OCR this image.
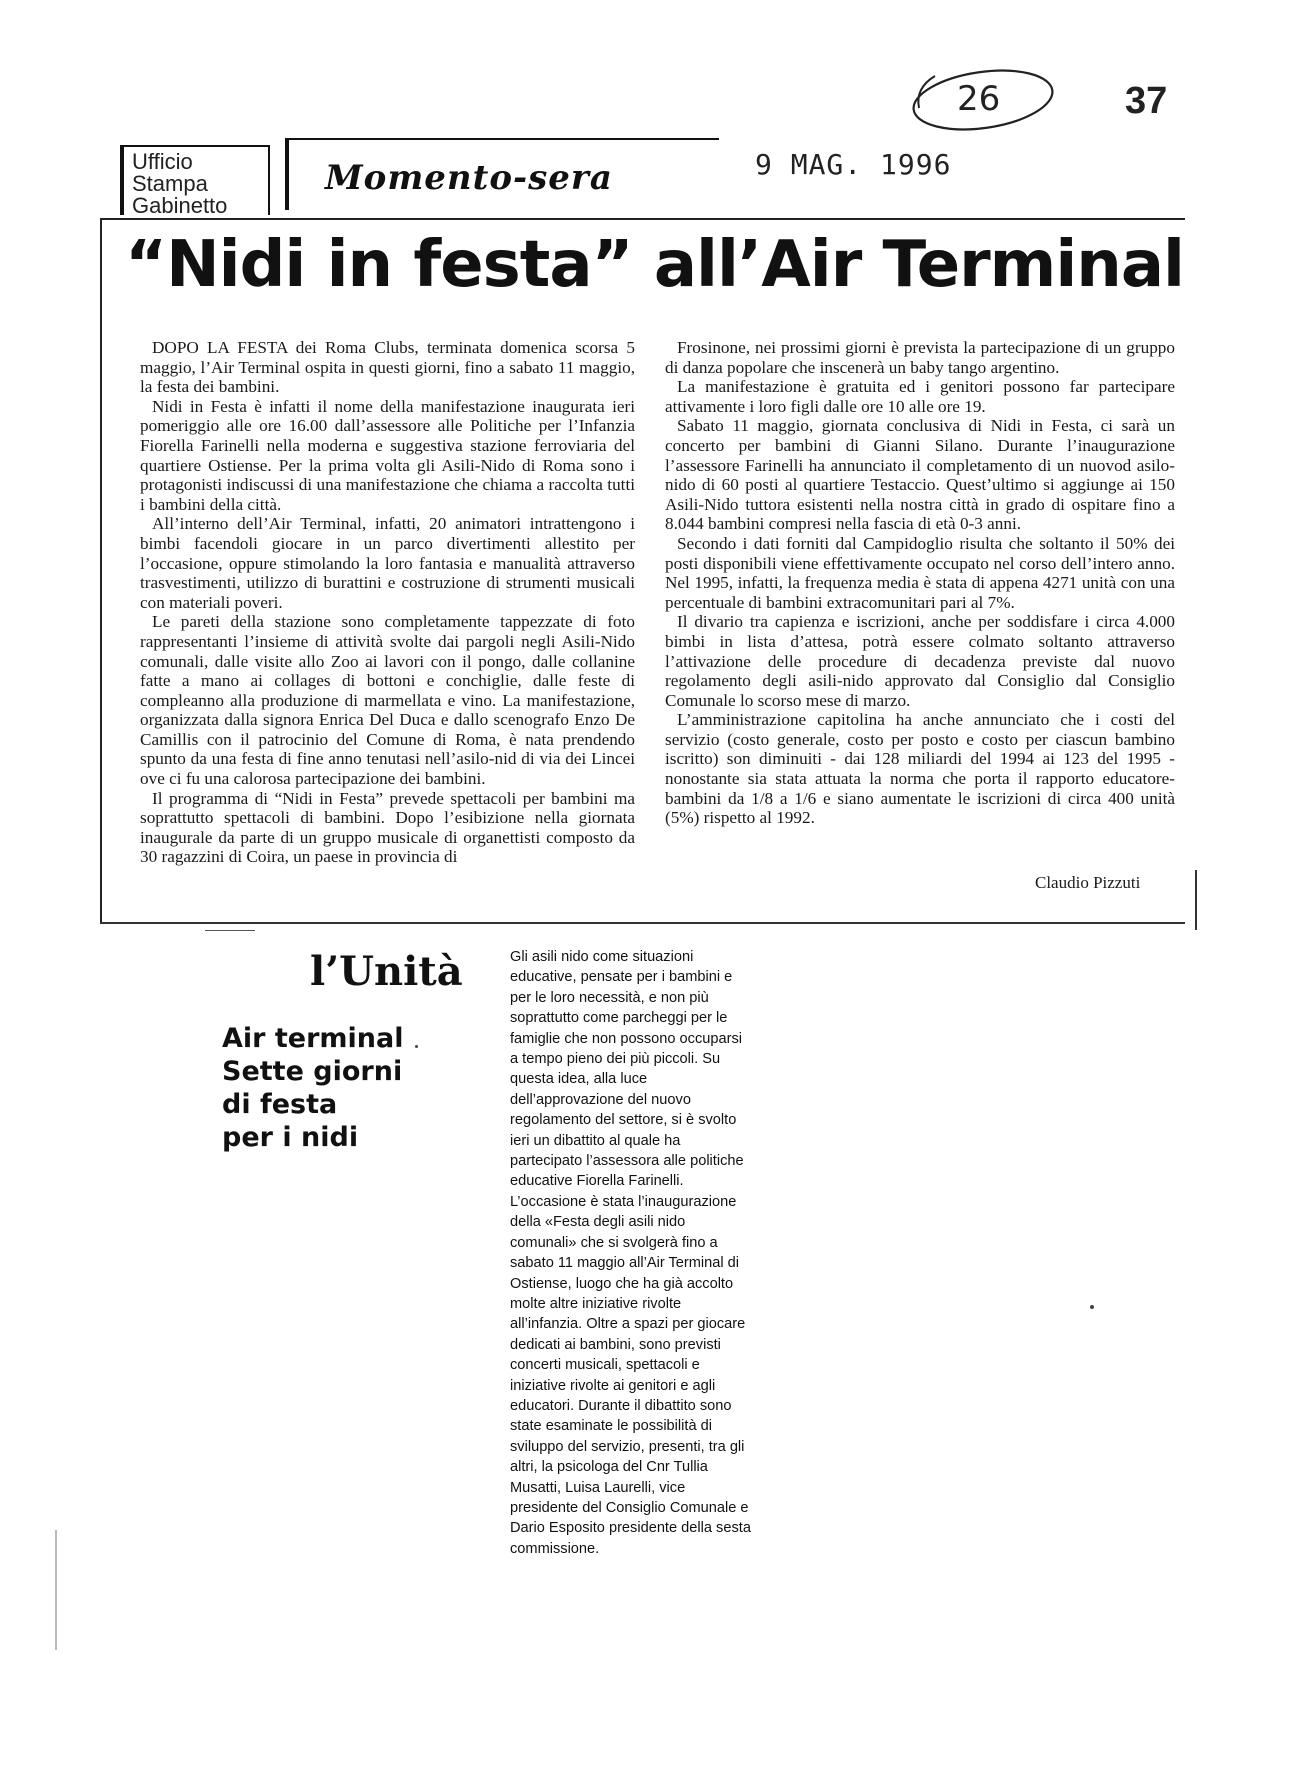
Ufficio
Stampa
Gabinetto
Momento-sera	9 MAG. 1996
26	37
“Nidi in festa” all’Air Terminal

DOPO LA FESTA dei Roma Clubs, terminata domenica scorsa 5 maggio, l’Air Terminal ospita in questi giorni, fino a sabato 11 maggio, la festa dei bambini.

Nidi in Festa è infatti il nome della manifestazione inaugurata ieri pomeriggio alle ore 16.00 dall’assessore alle Politiche per l’Infanzia Fiorella Farinelli nella moderna e suggestiva stazione ferroviaria del quartiere Ostiense. Per la prima volta gli Asili-Nido di Roma sono i protagonisti indiscussi di una manifestazione che chiama a raccolta tutti i bambini della città.

All’interno dell’Air Terminal, infatti, 20 animatori intrattengono i bimbi facendoli giocare in un parco divertimenti allestito per l’occasione, oppure stimolando la loro fantasia e manualità attraverso trasvestimenti, utilizzo di burattini e costruzione di strumenti musicali con materiali poveri.

Le pareti della stazione sono completamente tappezzate di foto rappresentanti l’insieme di attività svolte dai pargoli negli Asili-Nido comunali, dalle visite allo Zoo ai lavori con il pongo, dalle collanine fatte a mano ai collages di bottoni e conchiglie, dalle feste di compleanno alla produzione di marmellata e vino. La manifestazione, organizzata dalla signora Enrica Del Duca e dallo scenografo Enzo De Camillis con il patrocinio del Comune di Roma, è nata prendendo spunto da una festa di fine anno tenutasi nell’asilo-nid di via dei Lincei ove ci fu una calorosa partecipazione dei bambini.

Il programma di “Nidi in Festa” prevede spettacoli per bambini ma soprattutto spettacoli di bambini. Dopo l’esibizione nella giornata inaugurale da parte di un gruppo musicale di organettisti composto da 30 ragazzini di Coira, un paese in provincia di

Frosinone, nei prossimi giorni è prevista la partecipazione di un gruppo di danza popolare che inscenerà un baby tango argentino.

La manifestazione è gratuita ed i genitori possono far partecipare attivamente i loro figli dalle ore 10 alle ore 19.

Sabato 11 maggio, giornata conclusiva di Nidi in Festa, ci sarà un concerto per bambini di Gianni Silano. Durante l’inaugurazione l’assessore Farinelli ha annunciato il completamento di un nuovod asilo-nido di 60 posti al quartiere Testaccio. Quest’ultimo si aggiunge ai 150 Asili-Nido tuttora esistenti nella nostra città in grado di ospitare fino a 8.044 bambini compresi nella fascia di età 0-3 anni.

Secondo i dati forniti dal Campidoglio risulta che soltanto il 50% dei posti disponibili viene effettivamente occupato nel corso dell’intero anno. Nel 1995, infatti, la frequenza media è stata di appena 4271 unità con una percentuale di bambini extracomunitari pari al 7%.

Il divario tra capienza e iscrizioni, anche per soddisfare i circa 4.000 bimbi in lista d’attesa, potrà essere colmato soltanto attraverso l’attivazione delle procedure di decadenza previste dal nuovo regolamento degli asili-nido approvato dal Consiglio dal Consiglio Comunale lo scorso mese di marzo.

L’amministrazione capitolina ha anche annunciato che i costi del servizio (costo generale, costo per posto e costo per ciascun bambino iscritto) son diminuiti - dai 128 miliardi del 1994 ai 123 del 1995 - nonostante sia stata attuata la norma che porta il rapporto educatore-bambini da 1/8 a 1/6 e siano aumentate le iscrizioni di circa 400 unità (5%) rispetto al 1992.

Claudio Pizzuti
l’Unità
Air terminal
Sette giorni
di festa
per i nidi
Gli asili nido come situazioni
educative, pensate per i bambini e
per le loro necessità, e non più
soprattutto come parcheggi per le
famiglie che non possono occuparsi
a tempo pieno dei più piccoli. Su
questa idea, alla luce
dell’approvazione del nuovo
regolamento del settore, si è svolto
ieri un dibattito al quale ha
partecipato l’assessora alle politiche
educative Fiorella Farinelli.
L’occasione è stata l’inaugurazione
della «Festa degli asili nido
comunali» che si svolgerà fino a
sabato 11 maggio all’Air Terminal di
Ostiense, luogo che ha già accolto
molte altre iniziative rivolte
all’infanzia. Oltre a spazi per giocare
dedicati ai bambini, sono previsti
concerti musicali, spettacoli e
iniziative rivolte ai genitori e agli
educatori. Durante il dibattito sono
state esaminate le possibilità di
sviluppo del servizio, presenti, tra gli
altri, la psicologa del Cnr Tullia
Musatti, Luisa Laurelli, vice
presidente del Consiglio Comunale e
Dario Esposito presidente della sesta
commissione.
